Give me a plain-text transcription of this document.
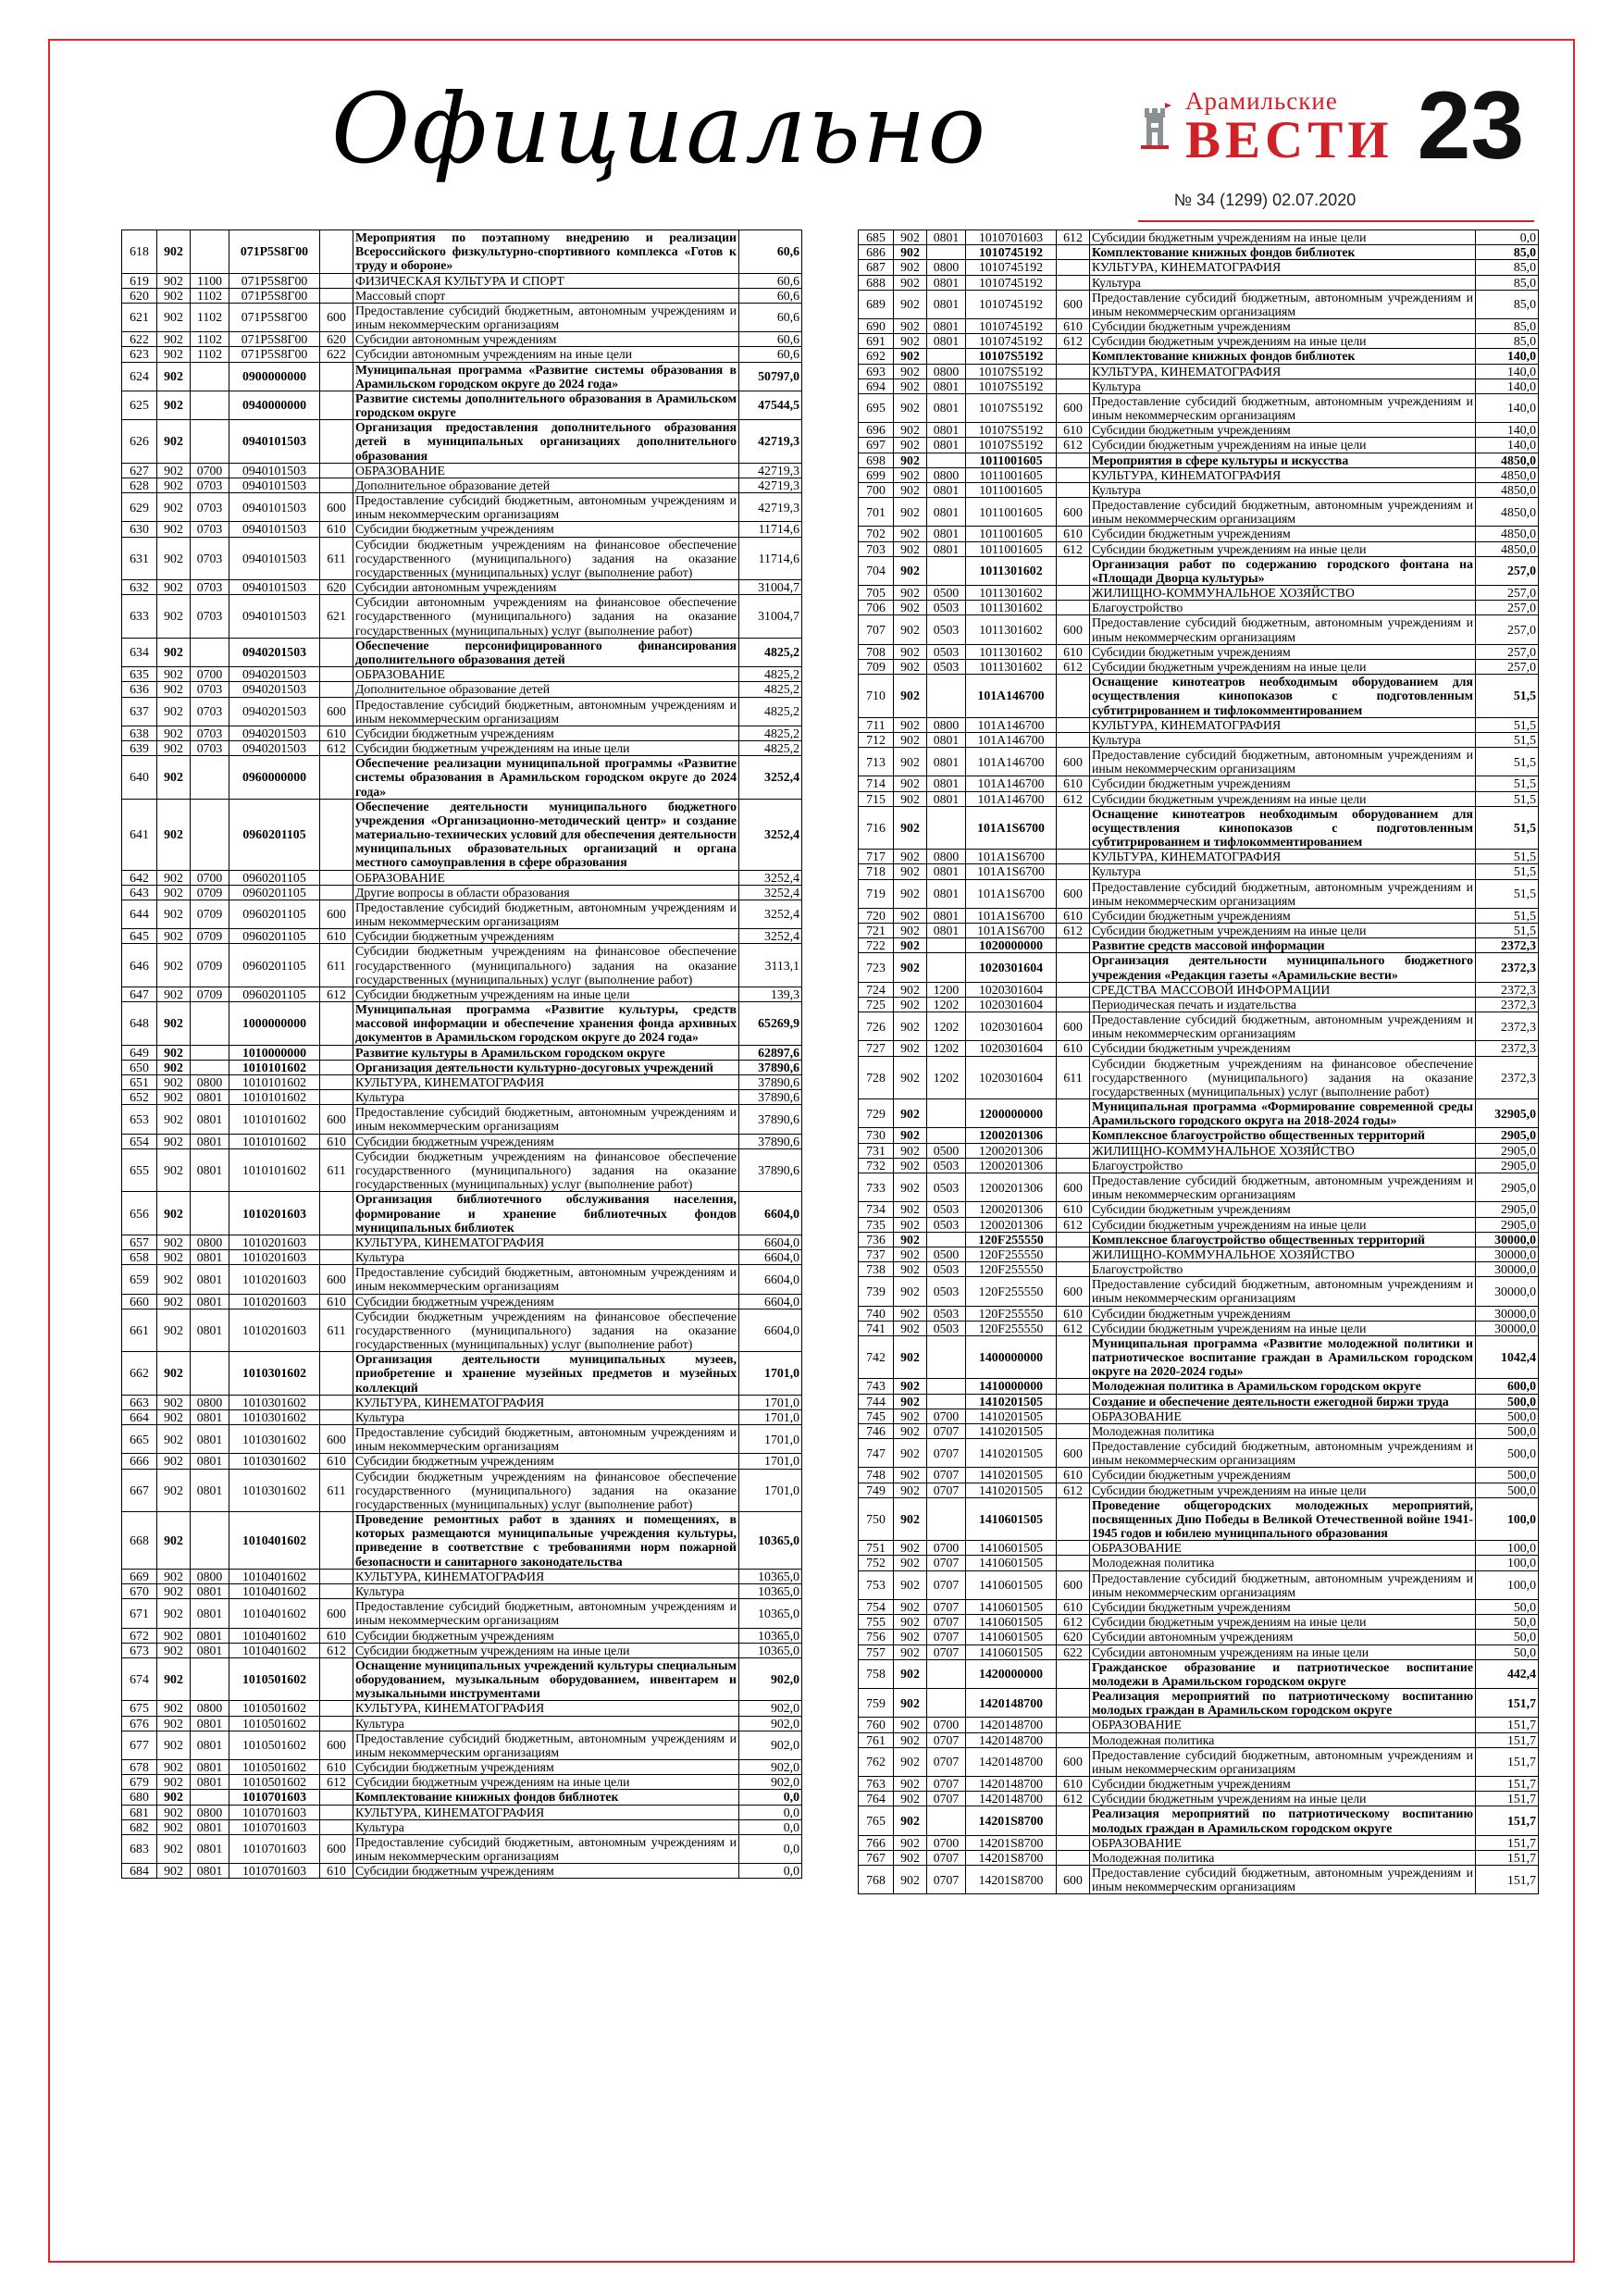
Официально	Арамильские
ВЕСТИ 23
№ 34 (1299) 02.07.2020
618	902		071Р5S8Г00		Мероприятия по поэтапному внедрению и реализации Всероссийского физкультурно-спортивного комплекса «Готов к труду и обороне»	60,6
619	902	1100	071Р5S8Г00		ФИЗИЧЕСКАЯ КУЛЬТУРА И СПОРТ	60,6
620	902	1102	071Р5S8Г00		Массовый спорт	60,6
621	902	1102	071Р5S8Г00	600	Предоставление субсидий бюджетным, автономным учреждениям и иным некоммерческим организациям	60,6
622	902	1102	071Р5S8Г00	620	Субсидии автономным учреждениям	60,6
623	902	1102	071Р5S8Г00	622	Субсидии автономным учреждениям на иные цели	60,6
624	902		0900000000		Муниципальная программа «Развитие системы образования в Арамильском городском округе до 2024 года»	50797,0
625	902		0940000000		Развитие системы дополнительного образования в Арамильском городском округе	47544,5
626	902		0940101503		Организация предоставления дополнительного образования детей в муниципальных организациях дополнительного образования	42719,3
627	902	0700	0940101503		ОБРАЗОВАНИЕ	42719,3
628	902	0703	0940101503		Дополнительное образование детей	42719,3
629	902	0703	0940101503	600	Предоставление субсидий бюджетным, автономным учреждениям и иным некоммерческим организациям	42719,3
630	902	0703	0940101503	610	Субсидии бюджетным учреждениям	11714,6
631	902	0703	0940101503	611	Субсидии бюджетным учреждениям на финансовое обеспечение государственного (муниципального) задания на оказание государственных (муниципальных) услуг (выполнение работ)	11714,6
632	902	0703	0940101503	620	Субсидии автономным учреждениям	31004,7
633	902	0703	0940101503	621	Субсидии автономным учреждениям на финансовое обеспечение государственного (муниципального) задания на оказание государственных (муниципальных) услуг (выполнение работ)	31004,7
634	902		0940201503		Обеспечение персонифицированного финансирования дополнительного образования детей	4825,2
635	902	0700	0940201503		ОБРАЗОВАНИЕ	4825,2
636	902	0703	0940201503		Дополнительное образование детей	4825,2
637	902	0703	0940201503	600	Предоставление субсидий бюджетным, автономным учреждениям и иным некоммерческим организациям	4825,2
638	902	0703	0940201503	610	Субсидии бюджетным учреждениям	4825,2
639	902	0703	0940201503	612	Субсидии бюджетным учреждениям на иные цели	4825,2
640	902		0960000000		Обеспечение реализации муниципальной программы «Развитие системы образования в Арамильском городском округе до 2024 года»	3252,4
641	902		0960201105		Обеспечение деятельности муниципального бюджетного учреждения «Организационно-методический центр» и создание материально-технических условий для обеспечения деятельности муниципальных образовательных организаций и органа местного самоуправления в сфере образования	3252,4
642	902	0700	0960201105		ОБРАЗОВАНИЕ	3252,4
643	902	0709	0960201105		Другие вопросы в области образования	3252,4
644	902	0709	0960201105	600	Предоставление субсидий бюджетным, автономным учреждениям и иным некоммерческим организациям	3252,4
645	902	0709	0960201105	610	Субсидии бюджетным учреждениям	3252,4
646	902	0709	0960201105	611	Субсидии бюджетным учреждениям на финансовое обеспечение государственного (муниципального) задания на оказание государственных (муниципальных) услуг (выполнение работ)	3113,1
647	902	0709	0960201105	612	Субсидии бюджетным учреждениям на иные цели	139,3
648	902		1000000000		Муниципальная программа «Развитие культуры, средств массовой информации и обеспечение хранения фонда архивных документов в Арамильском городском округе до 2024 года»	65269,9
649	902		1010000000		Развитие культуры в Арамильском городском округе	62897,6
650	902		1010101602		Организация деятельности культурно-досуговых учреждений	37890,6
651	902	0800	1010101602		КУЛЬТУРА, КИНЕМАТОГРАФИЯ	37890,6
652	902	0801	1010101602		Культура	37890,6
653	902	0801	1010101602	600	Предоставление субсидий бюджетным, автономным учреждениям и иным некоммерческим организациям	37890,6
654	902	0801	1010101602	610	Субсидии бюджетным учреждениям	37890,6
655	902	0801	1010101602	611	Субсидии бюджетным учреждениям на финансовое обеспечение государственного (муниципального) задания на оказание государственных (муниципальных) услуг (выполнение работ)	37890,6
656	902		1010201603		Организация библиотечного обслуживания населения, формирование и хранение библиотечных фондов муниципальных библиотек	6604,0
657	902	0800	1010201603		КУЛЬТУРА, КИНЕМАТОГРАФИЯ	6604,0
658	902	0801	1010201603		Культура	6604,0
659	902	0801	1010201603	600	Предоставление субсидий бюджетным, автономным учреждениям и иным некоммерческим организациям	6604,0
660	902	0801	1010201603	610	Субсидии бюджетным учреждениям	6604,0
661	902	0801	1010201603	611	Субсидии бюджетным учреждениям на финансовое обеспечение государственного (муниципального) задания на оказание государственных (муниципальных) услуг (выполнение работ)	6604,0
662	902		1010301602		Организация деятельности муниципальных музеев, приобретение и хранение музейных предметов и музейных коллекций	1701,0
663	902	0800	1010301602		КУЛЬТУРА, КИНЕМАТОГРАФИЯ	1701,0
664	902	0801	1010301602		Культура	1701,0
665	902	0801	1010301602	600	Предоставление субсидий бюджетным, автономным учреждениям и иным некоммерческим организациям	1701,0
666	902	0801	1010301602	610	Субсидии бюджетным учреждениям	1701,0
667	902	0801	1010301602	611	Субсидии бюджетным учреждениям на финансовое обеспечение государственного (муниципального) задания на оказание государственных (муниципальных) услуг (выполнение работ)	1701,0
668	902		1010401602		Проведение ремонтных работ в зданиях и помещениях, в которых размещаются муниципальные учреждения культуры, приведение в соответствие с требованиями норм пожарной безопасности и санитарного законодательства	10365,0
669	902	0800	1010401602		КУЛЬТУРА, КИНЕМАТОГРАФИЯ	10365,0
670	902	0801	1010401602		Культура	10365,0
671	902	0801	1010401602	600	Предоставление субсидий бюджетным, автономным учреждениям и иным некоммерческим организациям	10365,0
672	902	0801	1010401602	610	Субсидии бюджетным учреждениям	10365,0
673	902	0801	1010401602	612	Субсидии бюджетным учреждениям на иные цели	10365,0
674	902		1010501602		Оснащение муниципальных учреждений культуры специальным оборудованием, музыкальным оборудованием, инвентарем и музыкальными инструментами	902,0
675	902	0800	1010501602		КУЛЬТУРА, КИНЕМАТОГРАФИЯ	902,0
676	902	0801	1010501602		Культура	902,0
677	902	0801	1010501602	600	Предоставление субсидий бюджетным, автономным учреждениям и иным некоммерческим организациям	902,0
678	902	0801	1010501602	610	Субсидии бюджетным учреждениям	902,0
679	902	0801	1010501602	612	Субсидии бюджетным учреждениям на иные цели	902,0
680	902		1010701603		Комплектование книжных фондов библиотек	0,0
681	902	0800	1010701603		КУЛЬТУРА, КИНЕМАТОГРАФИЯ	0,0
682	902	0801	1010701603		Культура	0,0
683	902	0801	1010701603	600	Предоставление субсидий бюджетным, автономным учреждениям и иным некоммерческим организациям	0,0
684	902	0801	1010701603	610	Субсидии бюджетным учреждениям	0,0
685	902	0801	1010701603	612	Субсидии бюджетным учреждениям на иные цели	0,0
686	902		1010745192		Комплектование книжных фондов библиотек	85,0
687	902	0800	1010745192		КУЛЬТУРА, КИНЕМАТОГРАФИЯ	85,0
688	902	0801	1010745192		Культура	85,0
689	902	0801	1010745192	600	Предоставление субсидий бюджетным, автономным учреждениям и иным некоммерческим организациям	85,0
690	902	0801	1010745192	610	Субсидии бюджетным учреждениям	85,0
691	902	0801	1010745192	612	Субсидии бюджетным учреждениям на иные цели	85,0
692	902		10107S5192		Комплектование книжных фондов библиотек	140,0
693	902	0800	10107S5192		КУЛЬТУРА, КИНЕМАТОГРАФИЯ	140,0
694	902	0801	10107S5192		Культура	140,0
695	902	0801	10107S5192	600	Предоставление субсидий бюджетным, автономным учреждениям и иным некоммерческим организациям	140,0
696	902	0801	10107S5192	610	Субсидии бюджетным учреждениям	140,0
697	902	0801	10107S5192	612	Субсидии бюджетным учреждениям на иные цели	140,0
698	902		1011001605		Мероприятия в сфере культуры и искусства	4850,0
699	902	0800	1011001605		КУЛЬТУРА, КИНЕМАТОГРАФИЯ	4850,0
700	902	0801	1011001605		Культура	4850,0
701	902	0801	1011001605	600	Предоставление субсидий бюджетным, автономным учреждениям и иным некоммерческим организациям	4850,0
702	902	0801	1011001605	610	Субсидии бюджетным учреждениям	4850,0
703	902	0801	1011001605	612	Субсидии бюджетным учреждениям на иные цели	4850,0
704	902		1011301602		Организация работ по содержанию городского фонтана на «Площади Дворца культуры»	257,0
705	902	0500	1011301602		ЖИЛИЩНО-КОММУНАЛЬНОЕ ХОЗЯЙСТВО	257,0
706	902	0503	1011301602		Благоустройство	257,0
707	902	0503	1011301602	600	Предоставление субсидий бюджетным, автономным учреждениям и иным некоммерческим организациям	257,0
708	902	0503	1011301602	610	Субсидии бюджетным учреждениям	257,0
709	902	0503	1011301602	612	Субсидии бюджетным учреждениям на иные цели	257,0
710	902		101А146700		Оснащение кинотеатров необходимым оборудованием для осуществления кинопоказов с подготовленным субтитрированием и тифлокомментированием	51,5
711	902	0800	101А146700		КУЛЬТУРА, КИНЕМАТОГРАФИЯ	51,5
712	902	0801	101А146700		Культура	51,5
713	902	0801	101А146700	600	Предоставление субсидий бюджетным, автономным учреждениям и иным некоммерческим организациям	51,5
714	902	0801	101А146700	610	Субсидии бюджетным учреждениям	51,5
715	902	0801	101А146700	612	Субсидии бюджетным учреждениям на иные цели	51,5
716	902		101А1S6700		Оснащение кинотеатров необходимым оборудованием для осуществления кинопоказов с подготовленным субтитрированием и тифлокомментированием	51,5
717	902	0800	101А1S6700		КУЛЬТУРА, КИНЕМАТОГРАФИЯ	51,5
718	902	0801	101А1S6700		Культура	51,5
719	902	0801	101А1S6700	600	Предоставление субсидий бюджетным, автономным учреждениям и иным некоммерческим организациям	51,5
720	902	0801	101А1S6700	610	Субсидии бюджетным учреждениям	51,5
721	902	0801	101А1S6700	612	Субсидии бюджетным учреждениям на иные цели	51,5
722	902		1020000000		Развитие средств массовой информации	2372,3
723	902		1020301604		Организация деятельности муниципального бюджетного учреждения «Редакция газеты «Арамильские вести»	2372,3
724	902	1200	1020301604		СРЕДСТВА МАССОВОЙ ИНФОРМАЦИИ	2372,3
725	902	1202	1020301604		Периодическая печать и издательства	2372,3
726	902	1202	1020301604	600	Предоставление субсидий бюджетным, автономным учреждениям и иным некоммерческим организациям	2372,3
727	902	1202	1020301604	610	Субсидии бюджетным учреждениям	2372,3
728	902	1202	1020301604	611	Субсидии бюджетным учреждениям на финансовое обеспечение государственного (муниципального) задания на оказание государственных (муниципальных) услуг (выполнение работ)	2372,3
729	902		1200000000		Муниципальная программа «Формирование современной среды Арамильского городского округа на 2018-2024 годы»	32905,0
730	902		1200201306		Комплексное благоустройство общественных территорий	2905,0
731	902	0500	1200201306		ЖИЛИЩНО-КОММУНАЛЬНОЕ ХОЗЯЙСТВО	2905,0
732	902	0503	1200201306		Благоустройство	2905,0
733	902	0503	1200201306	600	Предоставление субсидий бюджетным, автономным учреждениям и иным некоммерческим организациям	2905,0
734	902	0503	1200201306	610	Субсидии бюджетным учреждениям	2905,0
735	902	0503	1200201306	612	Субсидии бюджетным учреждениям на иные цели	2905,0
736	902		120F255550		Комплексное благоустройство общественных территорий	30000,0
737	902	0500	120F255550		ЖИЛИЩНО-КОММУНАЛЬНОЕ ХОЗЯЙСТВО	30000,0
738	902	0503	120F255550		Благоустройство	30000,0
739	902	0503	120F255550	600	Предоставление субсидий бюджетным, автономным учреждениям и иным некоммерческим организациям	30000,0
740	902	0503	120F255550	610	Субсидии бюджетным учреждениям	30000,0
741	902	0503	120F255550	612	Субсидии бюджетным учреждениям на иные цели	30000,0
742	902		1400000000		Муниципальная программа «Развитие молодежной политики и патриотическое воспитание граждан в Арамильском городском округе на 2020-2024 годы»	1042,4
743	902		1410000000		Молодежная политика в Арамильском городском округе	600,0
744	902		1410201505		Создание и обеспечение деятельности ежегодной биржи труда	500,0
745	902	0700	1410201505		ОБРАЗОВАНИЕ	500,0
746	902	0707	1410201505		Молодежная политика	500,0
747	902	0707	1410201505	600	Предоставление субсидий бюджетным, автономным учреждениям и иным некоммерческим организациям	500,0
748	902	0707	1410201505	610	Субсидии бюджетным учреждениям	500,0
749	902	0707	1410201505	612	Субсидии бюджетным учреждениям на иные цели	500,0
750	902		1410601505		Проведение общегородских молодежных мероприятий, посвященных Дню Победы в Великой Отечественной войне 1941-1945 годов и юбилею муниципального образования	100,0
751	902	0700	1410601505		ОБРАЗОВАНИЕ	100,0
752	902	0707	1410601505		Молодежная политика	100,0
753	902	0707	1410601505	600	Предоставление субсидий бюджетным, автономным учреждениям и иным некоммерческим организациям	100,0
754	902	0707	1410601505	610	Субсидии бюджетным учреждениям	50,0
755	902	0707	1410601505	612	Субсидии бюджетным учреждениям на иные цели	50,0
756	902	0707	1410601505	620	Субсидии автономным учреждениям	50,0
757	902	0707	1410601505	622	Субсидии автономным учреждениям на иные цели	50,0
758	902		1420000000		Гражданское образование и патриотическое воспитание молодежи в Арамильском городском округе	442,4
759	902		1420148700		Реализация мероприятий по патриотическому воспитанию молодых граждан в Арамильском городском округе	151,7
760	902	0700	1420148700		ОБРАЗОВАНИЕ	151,7
761	902	0707	1420148700		Молодежная политика	151,7
762	902	0707	1420148700	600	Предоставление субсидий бюджетным, автономным учреждениям и иным некоммерческим организациям	151,7
763	902	0707	1420148700	610	Субсидии бюджетным учреждениям	151,7
764	902	0707	1420148700	612	Субсидии бюджетным учреждениям на иные цели	151,7
765	902		14201S8700		Реализация мероприятий по патриотическому воспитанию молодых граждан в Арамильском городском округе	151,7
766	902	0700	14201S8700		ОБРАЗОВАНИЕ	151,7
767	902	0707	14201S8700		Молодежная политика	151,7
768	902	0707	14201S8700	600	Предоставление субсидий бюджетным, автономным учреждениям и иным некоммерческим организациям	151,7
